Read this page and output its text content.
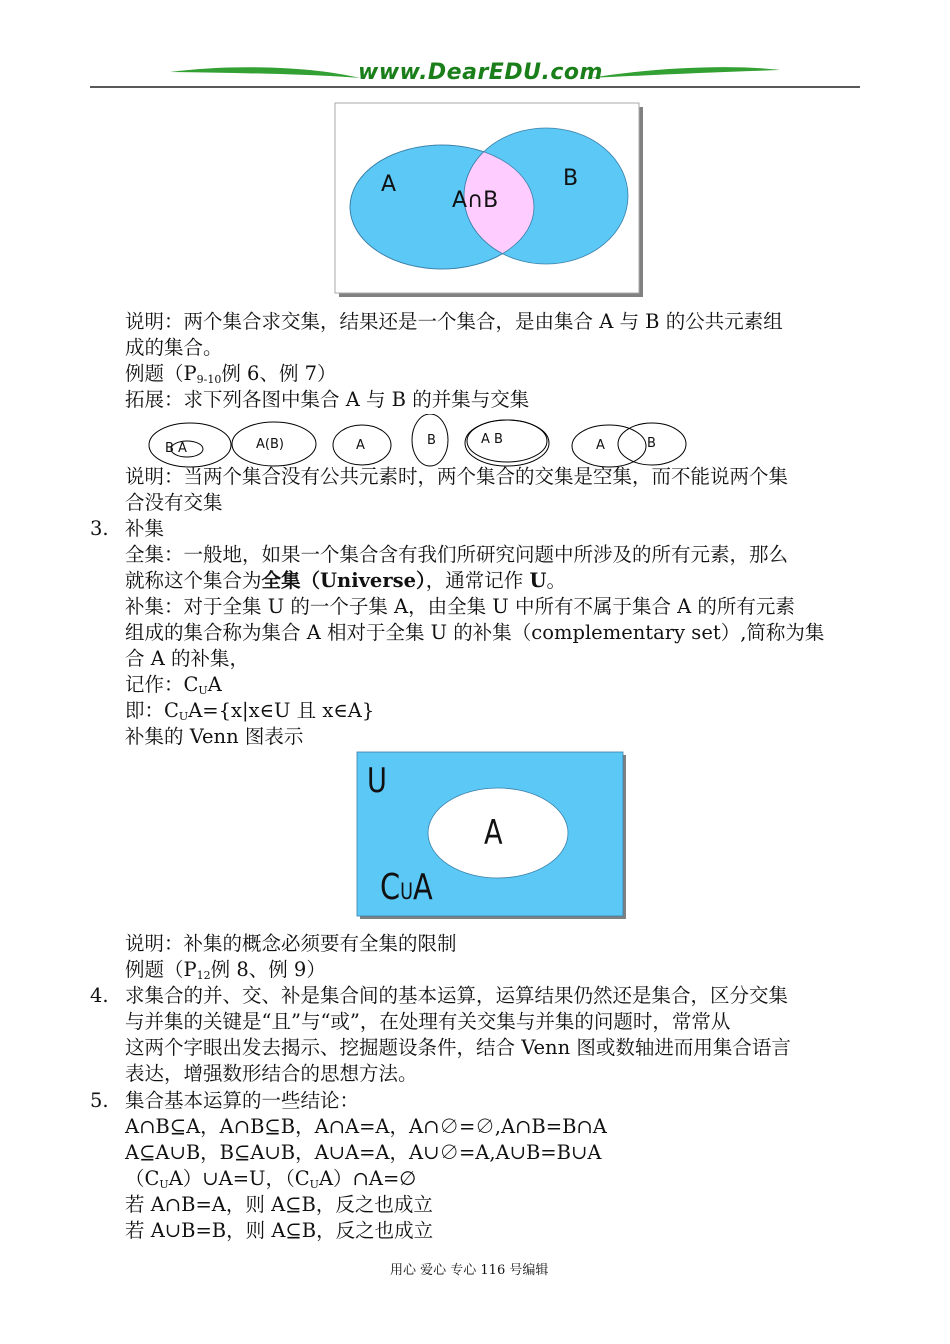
www.DearEDU.com
A	B
A∩B
说明：两个集合求交集，结果还是一个集合，是由集合 A 与 B 的公共元素组
成的集合。
例题（$P_{9-10}$例 6、例 7）
拓展：求下列各图中集合 A 与 B 的并集与交集
B A	A(B)	A	B	A B	A	B
说明：当两个集合没有公共元素时，两个集合的交集是空集，而不能说两个集
合没有交集
3. 补集
全集：一般地，如果一个集合含有我们所研究问题中所涉及的所有元素，那么
就称这个集合为全集（Universe），通常记作 U。
补集：对于全集 U 的一个子集 A，由全集 U 中所有不属于集合 A 的所有元素
组成的集合称为集合 A 相对于全集 U 的补集（complementary set）,简称为集
合 A 的补集，
记作：$C_UA$
即：$C_UA=\{x|x\in U$ 且 x∈A}
补集的 Venn 图表示
U
A
CUA
说明：补集的概念必须要有全集的限制
例题（$P_{12}$例 8、例 9）
4. 求集合的并、交、补是集合间的基本运算，运算结果仍然还是集合，区分交集
与并集的关键是“且”与“或”，在处理有关交集与并集的问题时，常常从
这两个字眼出发去揭示、挖掘题设条件，结合 Venn 图或数轴进而用集合语言
表达，增强数形结合的思想方法。
5. 集合基本运算的一些结论：
A∩B⊆A，A∩B⊆B，A∩A=A，A∩∅=∅,A∩B=B∩A
A⊆A∪B，B⊆A∪B，A∪A=A，A∪∅=A,A∪B=B∪A
$(C_UA)\cup A=U$，$(C_UA)\cap A=\emptyset$
若 A∩B=A，则 A⊆B，反之也成立
若 A∪B=B，则 A⊆B，反之也成立
用心 爱心 专心 116 号编辑
